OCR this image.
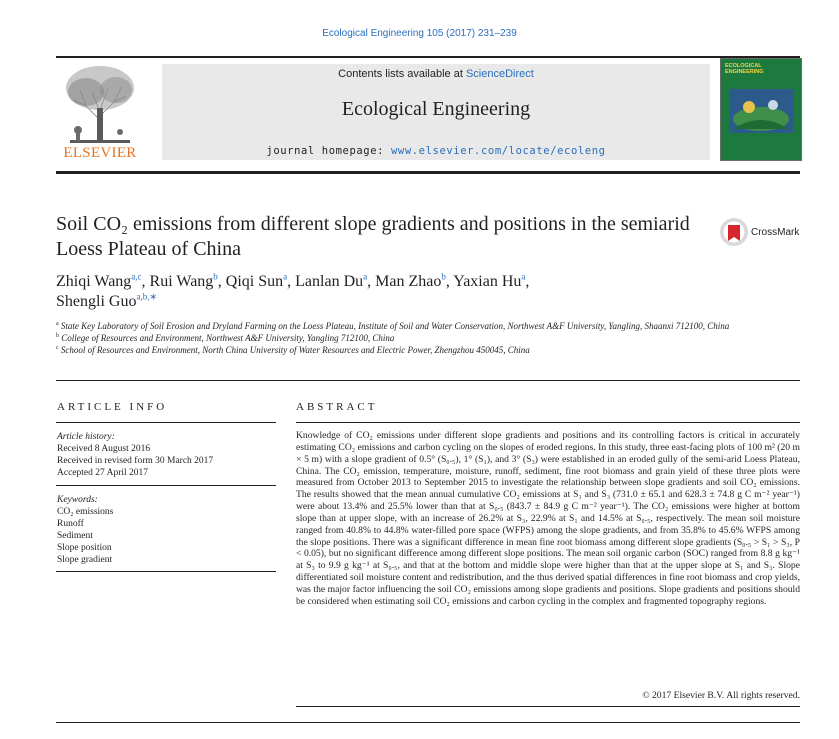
Ecological Engineering 105 (2017) 231–239
ELSEVIER
Contents lists available at ScienceDirect
Ecological Engineering
journal homepage: www.elsevier.com/locate/ecoleng
ECOLOGICAL ENGINEERING
Soil CO₂ emissions from different slope gradients and positions in the semiarid Loess Plateau of China
CrossMark
Zhiqi Wang$^{a,c}$, Rui Wang$^b$, Qiqi Sun$^a$, Lanlan Du$^a$, Man Zhao$^b$, Yaxian Hu$^a$,
Shengli Guo$^{a,b,∗}$
$^a$ State Key Laboratory of Soil Erosion and Dryland Farming on the Loess Plateau, Institute of Soil and Water Conservation, Northwest A&F University, Yangling, Shaanxi 712100, China
$^b$ College of Resources and Environment, Northwest A&F University, Yangling 712100, China
$^c$ School of Resources and Environment, North China University of Water Resources and Electric Power, Zhengzhou 450045, China
ARTICLE INFO	ABSTRACT
Article history:
Received 8 August 2016
Received in revised form 30 March 2017
Accepted 27 April 2017
Keywords:
CO₂ emissions
Runoff
Sediment
Slope position
Slope gradient
Knowledge of CO₂ emissions under different slope gradients and positions and its controlling factors is critical in accurately estimating CO₂ emissions and carbon cycling on the slopes of eroded regions. In this study, three east-facing plots of 100 m² (20 m × 5 m) with a slope gradient of 0.5° (S₀.₅), 1° (S₁), and 3° (S₃) were established in an eroded gully of the semi-arid Loess Plateau, China. The CO₂ emission, temperature, moisture, runoff, sediment, fine root biomass and grain yield of these three plots were measured from October 2013 to September 2015 to investigate the relationship between slope gradients and soil CO₂ emissions. The results showed that the mean annual cumulative CO₂ emissions at S₁ and S₃ (731.0 ± 65.1 and 628.3 ± 74.8 g C m⁻² year⁻¹) were about 13.4% and 25.5% lower than that at S₀.₅ (843.7 ± 84.9 g C m⁻² year⁻¹). The CO₂ emissions were higher at bottom slope than at upper slope, with an increase of 26.2% at S₃, 22.9% at S₁ and 14.5% at S₀.₅, respectively. The mean soil moisture ranged from 40.8% to 44.8% water-filled pore space (WFPS) among the slope gradients, and from 35.8% to 45.6% WFPS among the slope positions. There was a significant difference in mean fine root biomass among different slope gradients (S₀.₅ > S₁ > S₃, P < 0.05), but no significant difference among different slope positions. The mean soil organic carbon (SOC) ranged from 8.8 g kg⁻¹ at S₃ to 9.9 g kg⁻¹ at S₀.₅, and that at the bottom and middle slope were higher than that at the upper slope at S₁ and S₃. Slope differentiated soil moisture content and redistribution, and the thus derived spatial differences in fine root biomass and crop yields, was the major factor influencing the soil CO₂ emissions among slope gradients and positions. Slope gradients and positions should be considered when estimating soil CO₂ emissions and carbon cycling in the complex and fragmented topography regions.
© 2017 Elsevier B.V. All rights reserved.
